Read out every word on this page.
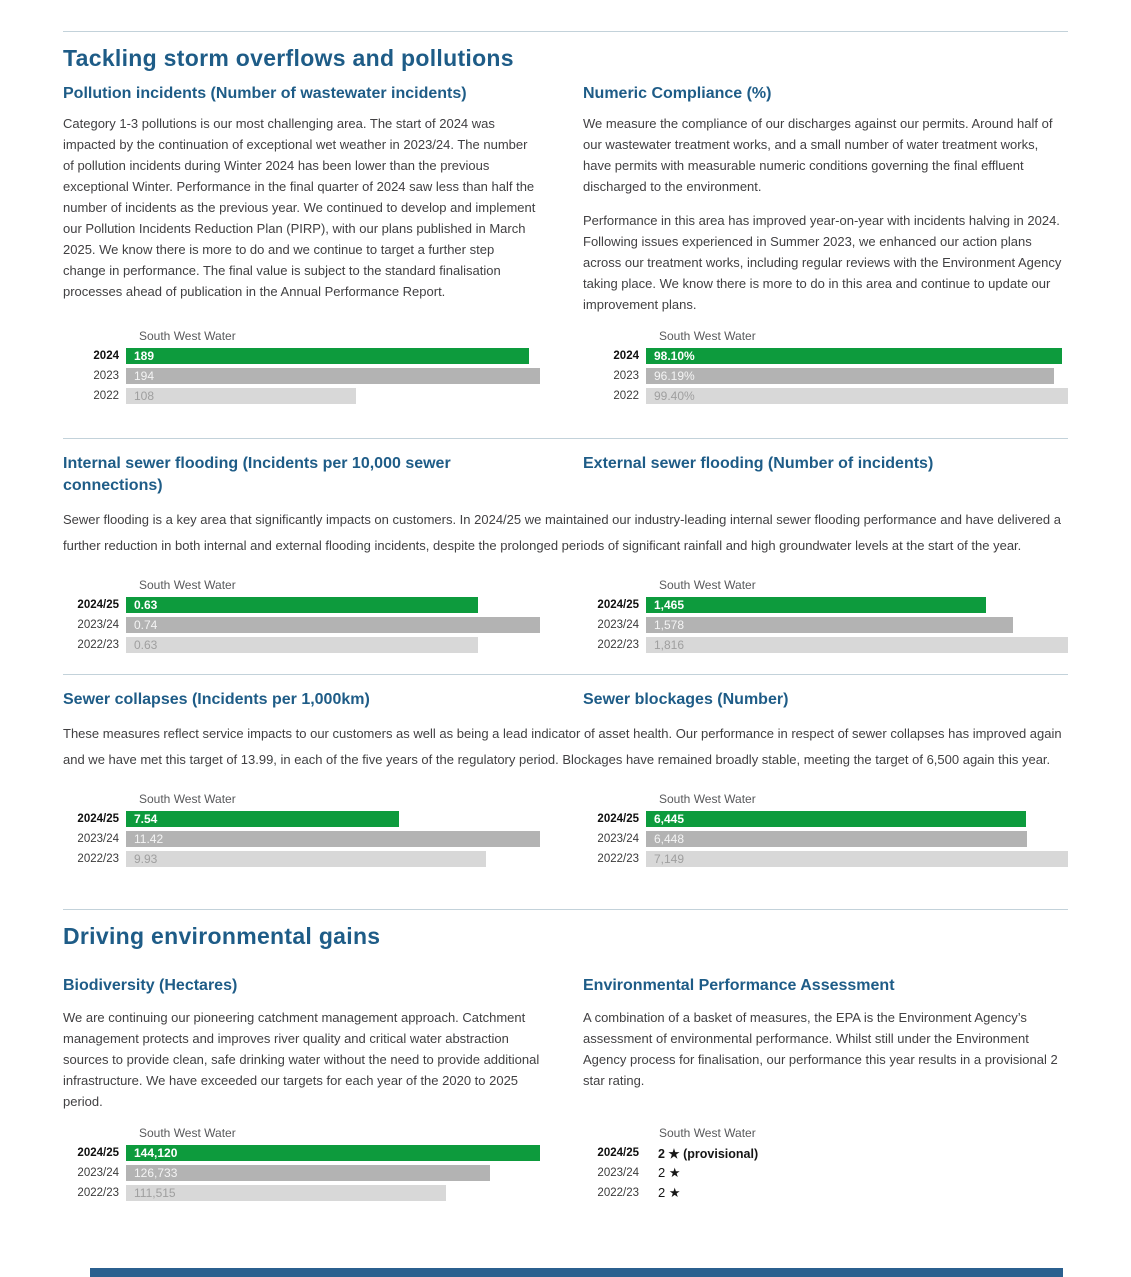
Tackling storm overflows and pollutions
Pollution incidents (Number of wastewater incidents)

Category 1-3 pollutions is our most challenging area. The start of 2024 was impacted by the continuation of exceptional wet weather in 2023/24. The number of pollution incidents during Winter 2024 has been lower than the previous exceptional Winter. Performance in the final quarter of 2024 saw less than half the number of incidents as the previous year. We continued to develop and implement our Pollution Incidents Reduction Plan (PIRP), with our plans published in March 2025. We know there is more to do and we continue to target a further step change in performance. The final value is subject to the standard finalisation processes ahead of publication in the Annual Performance Report.

South West Water
2024	189
2023	194
2022	108
Numeric Compliance (%)

We measure the compliance of our discharges against our permits. Around half of our wastewater treatment works, and a small number of water treatment works, have permits with measurable numeric conditions governing the final effluent discharged to the environment.

Performance in this area has improved year-on-year with incidents halving in 2024. Following issues experienced in Summer 2023, we enhanced our action plans across our treatment works, including regular reviews with the Environment Agency taking place. We know there is more to do in this area and continue to update our improvement plans.

South West Water
2024	98.10%
2023	96.19%
2022	99.40%
Internal sewer flooding (Incidents per 10,000 sewer connections)
External sewer flooding (Number of incidents)

Sewer flooding is a key area that significantly impacts on customers. In 2024/25 we maintained our industry-leading internal sewer flooding performance and have delivered a further reduction in both internal and external flooding incidents, despite the prolonged periods of significant rainfall and high groundwater levels at the start of the year.

South West Water
2024/25	0.63
2023/24	0.74
2022/23	0.63
South West Water
2024/25	1,465
2023/24	1,578
2022/23	1,816
Sewer collapses (Incidents per 1,000km)	Sewer blockages (Number)

These measures reflect service impacts to our customers as well as being a lead indicator of asset health. Our performance in respect of sewer collapses has improved again and we have met this target of 13.99, in each of the five years of the regulatory period. Blockages have remained broadly stable, meeting the target of 6,500 again this year.

South West Water
2024/25	7.54
2023/24	11.42
2022/23	9.93
South West Water
2024/25	6,445
2023/24	6,448
2022/23	7,149
Driving environmental gains
Biodiversity (Hectares)

We are continuing our pioneering catchment management approach. Catchment management protects and improves river quality and critical water abstraction sources to provide clean, safe drinking water without the need to provide additional infrastructure. We have exceeded our targets for each year of the 2020 to 2025 period.

South West Water
2024/25	144,120
2023/24	126,733
2022/23	111,515
Environmental Performance Assessment

A combination of a basket of measures, the EPA is the Environment Agency’s assessment of environmental performance. Whilst still under the Environment Agency process for finalisation, our performance this year results in a provisional 2 star rating.

South West Water
2024/25	2 ★ (provisional)
2023/24	2 ★
2022/23	2 ★
